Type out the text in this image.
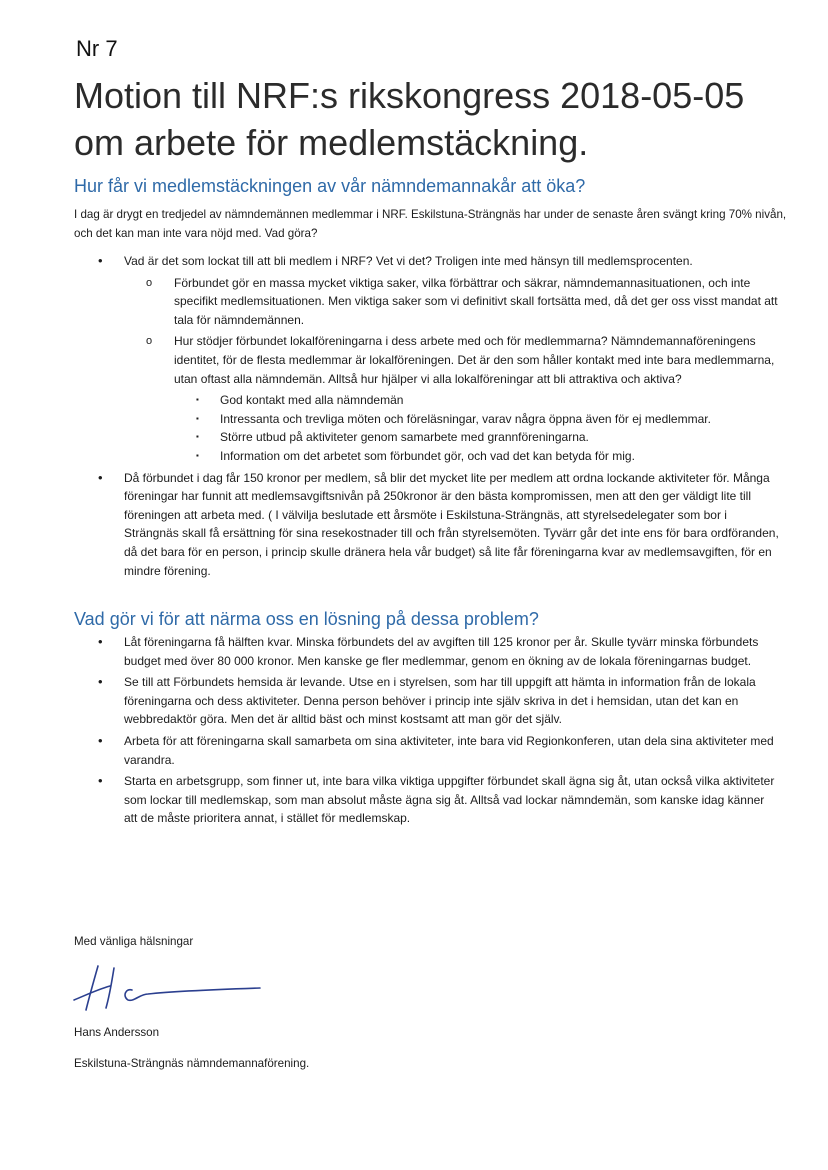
Nr 7
Motion till NRF:s rikskongress 2018-05-05 om arbete för medlemstäckning.
Hur får vi medlemstäckningen av vår nämndemannakår att öka?
I dag är drygt en tredjedel av nämndemännen medlemmar i NRF. Eskilstuna-Strängnäs har under de senaste åren svängt kring 70% nivån, och det kan man inte vara nöjd med. Vad göra?
• Vad är det som lockat till att bli medlem i NRF? Vet vi det? Troligen inte med hänsyn till medlemsprocenten.
o Förbundet gör en massa mycket viktiga saker, vilka förbättrar och säkrar, nämndemannasituationen, och inte specifikt medlemsituationen. Men viktiga saker som vi definitivt skall fortsätta med, då det ger oss visst mandat att tala för nämndemännen.
o Hur stödjer förbundet lokalföreningarna i dess arbete med och för medlemmarna? Nämndemannaföreningens identitet, för de flesta medlemmar är lokalföreningen. Det är den som håller kontakt med inte bara medlemmarna, utan oftast alla nämndemän. Alltså hur hjälper vi alla lokalföreningar att bli attraktiva och aktiva?
▪ God kontakt med alla nämndemän
▪ Intressanta och trevliga möten och föreläsningar, varav några öppna även för ej medlemmar.
▪ Större utbud på aktiviteter genom samarbete med grannföreningarna.
▪ Information om det arbetet som förbundet gör, och vad det kan betyda för mig.
• Då förbundet i dag får 150 kronor per medlem, så blir det mycket lite per medlem att ordna lockande aktiviteter för. Många föreningar har funnit att medlemsavgiftsnivån på 250kronor är den bästa kompromissen, men att den ger väldigt lite till föreningen att arbeta med. ( I välvilja beslutade ett årsmöte i Eskilstuna-Strängnäs, att styrelsedelegater som bor i Strängnäs skall få ersättning för sina resekostnader till och från styrelsemöten. Tyvärr går det inte ens för bara ordföranden, då det bara för en person, i princip skulle dränera hela vår budget) så lite får föreningarna kvar av medlemsavgiften, för en mindre förening.
Vad gör vi för att närma oss en lösning på dessa problem?
• Låt föreningarna få hälften kvar. Minska förbundets del av avgiften till 125 kronor per år. Skulle tyvärr minska förbundets budget med över 80 000 kronor. Men kanske ge fler medlemmar, genom en ökning av de lokala föreningarnas budget.
• Se till att Förbundets hemsida är levande. Utse en i styrelsen, som har till uppgift att hämta in information från de lokala föreningarna och dess aktiviteter. Denna person behöver i princip inte själv skriva in det i hemsidan, utan det kan en webbredaktör göra. Men det är alltid bäst och minst kostsamt att man gör det själv.
• Arbeta för att föreningarna skall samarbeta om sina aktiviteter, inte bara vid Regionkonferen, utan dela sina aktiviteter med varandra.
• Starta en arbetsgrupp, som finner ut, inte bara vilka viktiga uppgifter förbundet skall ägna sig åt, utan också vilka aktiviteter som lockar till medlemskap, som man absolut måste ägna sig åt. Alltså vad lockar nämndemän, som kanske idag känner att de måste prioritera annat, i stället för medlemskap.
Med vänliga hälsningar
Hans Andersson
Eskilstuna-Strängnäs nämndemannaförening.
